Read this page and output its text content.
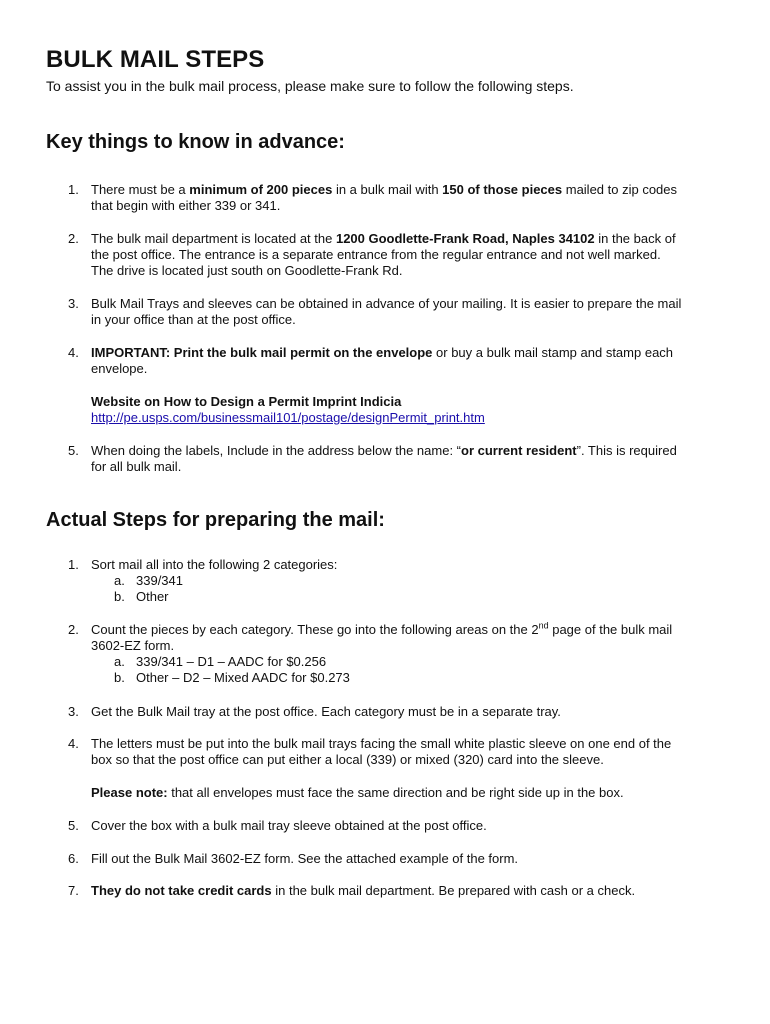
BULK MAIL STEPS
To assist you in the bulk mail process, please make sure to follow the following steps.
Key things to know in advance:
1. There must be a minimum of 200 pieces in a bulk mail with 150 of those pieces mailed to zip codes
that begin with either 339 or 341.
2. The bulk mail department is located at the 1200 Goodlette-Frank Road, Naples 34102 in the back of
the post office. The entrance is a separate entrance from the regular entrance and not well marked.
The drive is located just south on Goodlette-Frank Rd.
3. Bulk Mail Trays and sleeves can be obtained in advance of your mailing. It is easier to prepare the mail
in your office than at the post office.
4. IMPORTANT: Print the bulk mail permit on the envelope or buy a bulk mail stamp and stamp each
envelope.
Website on How to Design a Permit Imprint Indicia
http://pe.usps.com/businessmail101/postage/designPermit_print.htm
5. When doing the labels, Include in the address below the name: “or current resident”. This is required
for all bulk mail.
Actual Steps for preparing the mail:
1. Sort mail all into the following 2 categories:
a. 339/341
b. Other
2. Count the pieces by each category. These go into the following areas on the 2nd page of the bulk mail
3602-EZ form.
a. 339/341 – D1 – AADC for $0.256
b. Other – D2 – Mixed AADC for $0.273
3. Get the Bulk Mail tray at the post office. Each category must be in a separate tray.
4. The letters must be put into the bulk mail trays facing the small white plastic sleeve on one end of the
box so that the post office can put either a local (339) or mixed (320) card into the sleeve.
Please note: that all envelopes must face the same direction and be right side up in the box.
5. Cover the box with a bulk mail tray sleeve obtained at the post office.
6. Fill out the Bulk Mail 3602-EZ form. See the attached example of the form.
7. They do not take credit cards in the bulk mail department. Be prepared with cash or a check.
